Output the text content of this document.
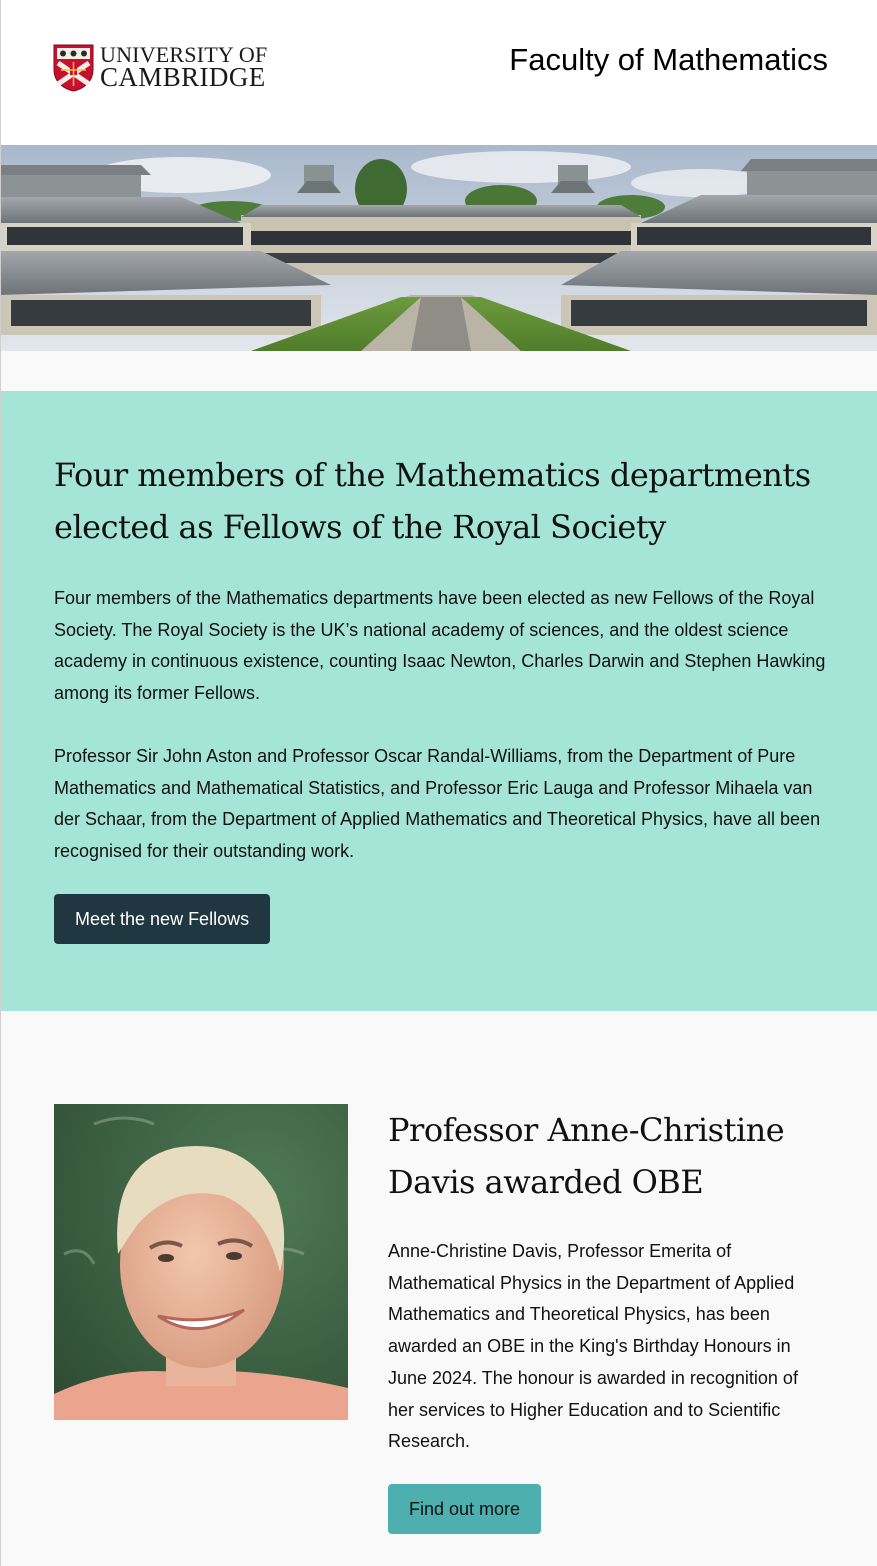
UNIVERSITY OF
CAMBRIDGE	Faculty of Mathematics
Four members of the Mathematics departments elected as Fellows of the Royal Society

Four members of the Mathematics departments have been elected as new Fellows of the Royal Society. The Royal Society is the UK’s national academy of sciences, and the oldest science academy in continuous existence, counting Isaac Newton, Charles Darwin and Stephen Hawking among its former Fellows.

Professor Sir John Aston and Professor Oscar Randal-Williams, from the Department of Pure Mathematics and Mathematical Statistics, and Professor Eric Lauga and Professor Mihaela van der Schaar, from the Department of Applied Mathematics and Theoretical Physics, have all been recognised for their outstanding work.

Meet the new Fellows
Professor Anne-Christine Davis awarded OBE

Anne-Christine Davis, Professor Emerita of Mathematical Physics in the Department of Applied Mathematics and Theoretical Physics, has been awarded an OBE in the King's Birthday Honours in June 2024. The honour is awarded in recognition of her services to Higher Education and to Scientific Research.

Find out more
